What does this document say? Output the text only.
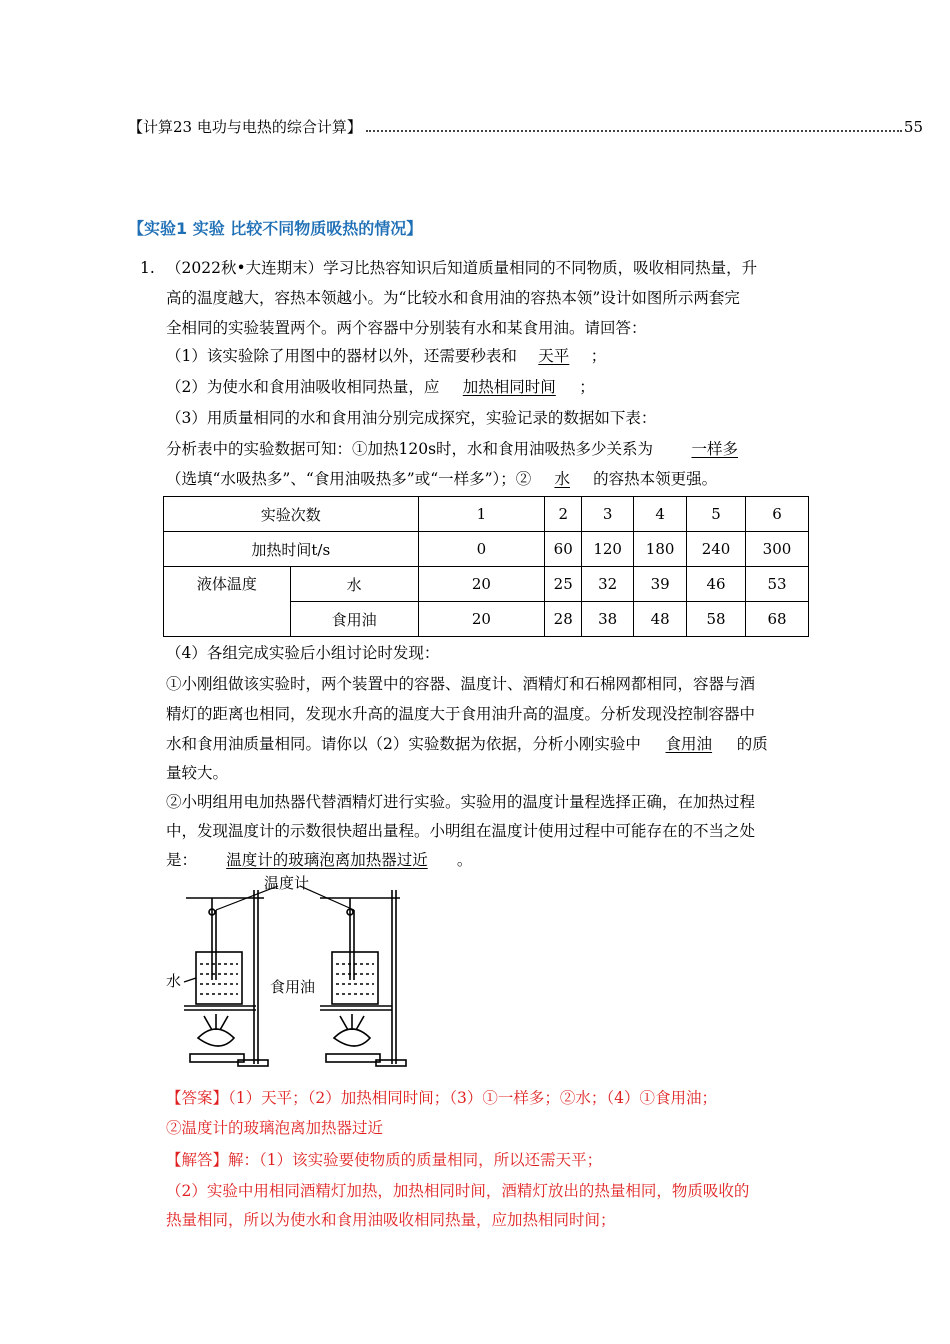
【计算23 电功与电热的综合计算】	55
【实验1 实验 比较不同物质吸热的情况】
1. （2022秋•大连期末）学习比热容知识后知道质量相同的不同物质，吸收相同热量，升
高的温度越大，容热本领越小。为“比较水和食用油的容热本领”设计如图所示两套完
全相同的实验装置两个。两个容器中分别装有水和某食用油。请回答：
（1）该实验除了用图中的器材以外，还需要秒表和 天平 ；
（2）为使水和食用油吸收相同热量，应 加热相同时间 ；
（3）用质量相同的水和食用油分别完成探究，实验记录的数据如下表：
分析表中的实验数据可知：①加热120s时，水和食用油吸热多少关系为 一样多
（选填“水吸热多”、“食用油吸热多”或“一样多”）；② 水 的容热本领更强。
实验次数		1	2	3	4	5	6
加热时间t/s		0	60	120	180	240	300
液体温度	水	20	25	32	39	46	53
	食用油	20	28	38	48	58	68
（4）各组完成实验后小组讨论时发现：
①小刚组做该实验时，两个装置中的容器、温度计、酒精灯和石棉网都相同，容器与酒
精灯的距离也相同，发现水升高的温度大于食用油升高的温度。分析发现没控制容器中
水和食用油质量相同。请你以（2）实验数据为依据，分析小刚实验中 食用油 的质
量较大。
②小明组用电加热器代替酒精灯进行实验。实验用的温度计量程选择正确，在加热过程
中，发现温度计的示数很快超出量程。小明组在温度计使用过程中可能存在的不当之处
是： 温度计的玻璃泡离加热器过近 。
温度计
水	食用油
【答案】（1）天平；（2）加热相同时间；（3）①一样多；②水；（4）①食用油；
②温度计的玻璃泡离加热器过近
【解答】解：（1）该实验要使物质的质量相同，所以还需天平；
（2）实验中用相同酒精灯加热，加热相同时间，酒精灯放出的热量相同，物质吸收的
热量相同，所以为使水和食用油吸收相同热量，应加热相同时间；
